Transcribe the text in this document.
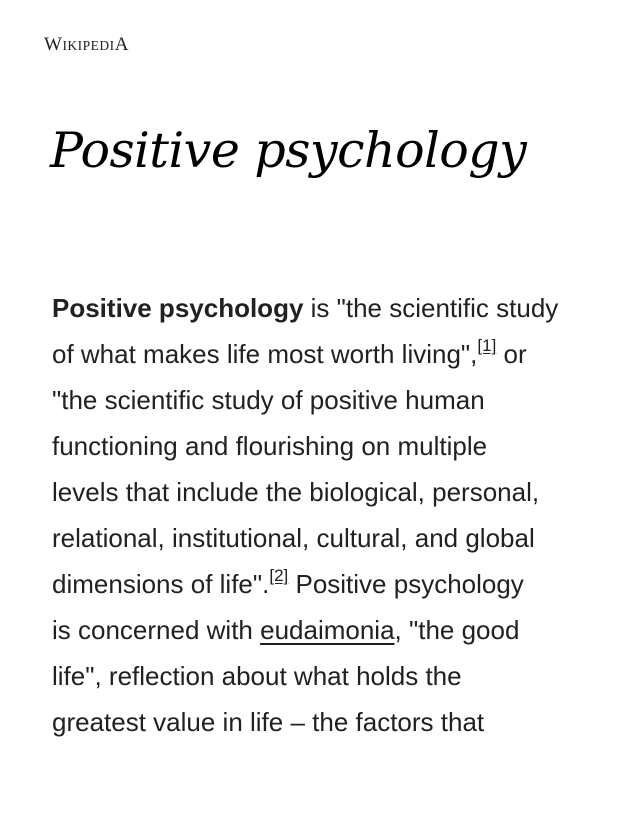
WIKIPEDIA
Positive psychology

Positive psychology is "the scientific study
of what makes life most worth living",[1] or
"the scientific study of positive human
functioning and flourishing on multiple
levels that include the biological, personal,
relational, institutional, cultural, and global
dimensions of life".[2] Positive psychology
is concerned with eudaimonia, "the good
life", reflection about what holds the
greatest value in life – the factors that
